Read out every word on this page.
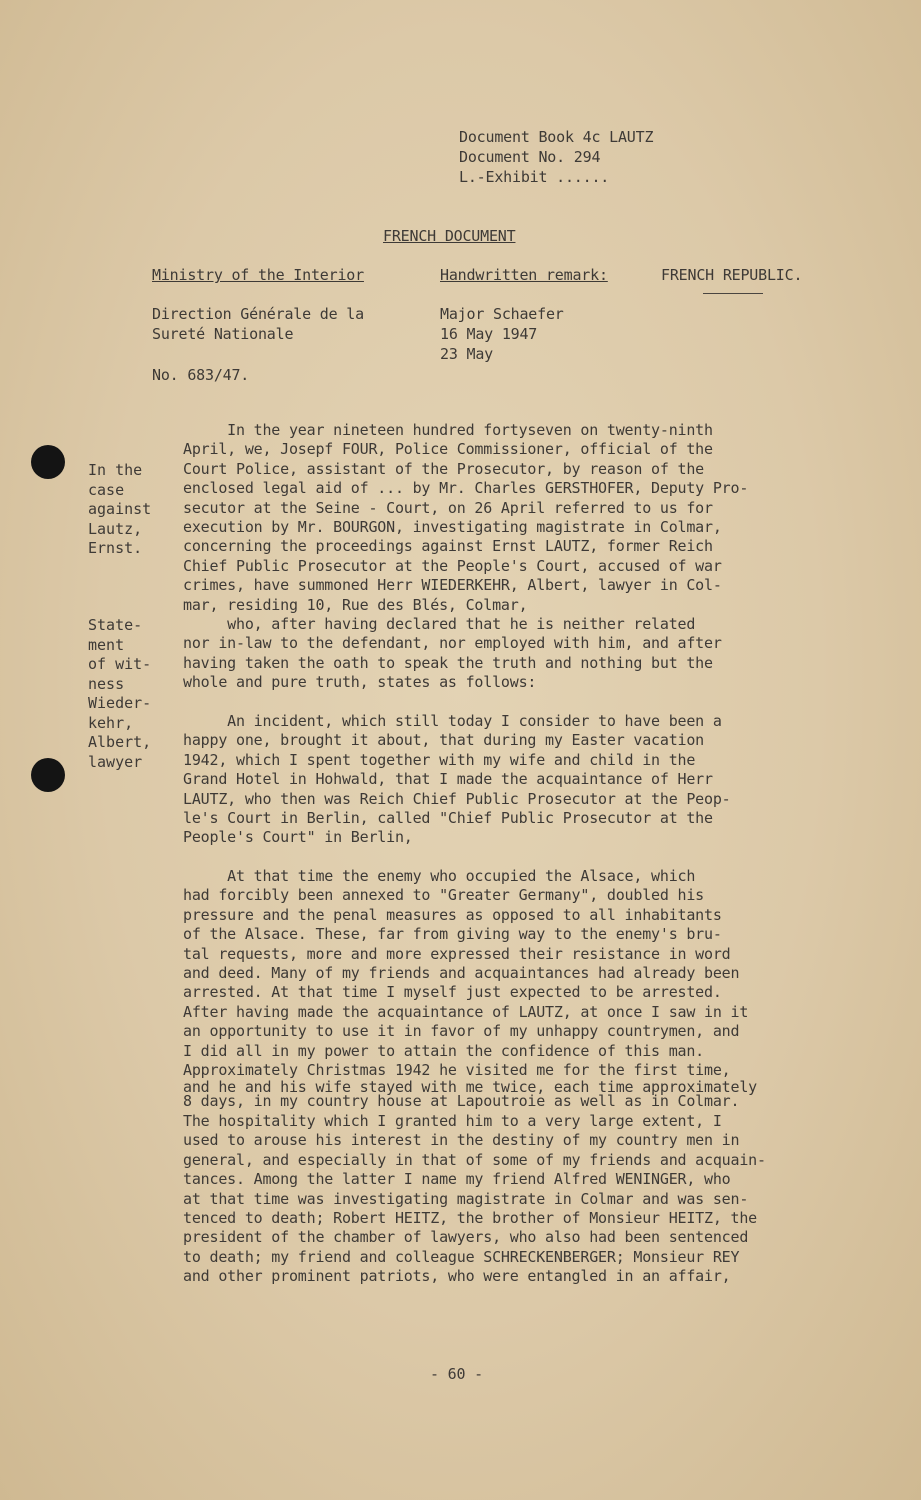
Document Book 4c LAUTZ
Document No. 294
L.-Exhibit ......
FRENCH DOCUMENT
Ministry of the Interior	Handwritten remark:	FRENCH REPUBLIC.
Direction Générale de la
Sureté Nationale
Major Schaefer
16 May 1947
23 May
No. 683/47.
In the
case
against
Lautz,
Ernst.
State-
ment
of wit-
ness
Wieder-
kehr,
Albert,
lawyer
In the year nineteen hundred fortyseven on twenty-ninth
April, we, Josepf FOUR, Police Commissioner, official of the
Court Police, assistant of the Prosecutor, by reason of the
enclosed legal aid of ... by Mr. Charles GERSTHOFER, Deputy Pro-
secutor at the Seine - Court, on 26 April referred to us for
execution by Mr. BOURGON, investigating magistrate in Colmar,
concerning the proceedings against Ernst LAUTZ, former Reich
Chief Public Prosecutor at the People's Court, accused of war
crimes, have summoned Herr WIEDERKEHR, Albert, lawyer in Col-
mar, residing 10, Rue des Blés, Colmar,
who, after having declared that he is neither related
nor in-law to the defendant, nor employed with him, and after
having taken the oath to speak the truth and nothing but the
whole and pure truth, states as follows:
An incident, which still today I consider to have been a
happy one, brought it about, that during my Easter vacation
1942, which I spent together with my wife and child in the
Grand Hotel in Hohwald, that I made the acquaintance of Herr
LAUTZ, who then was Reich Chief Public Prosecutor at the Peop-
le's Court in Berlin, called "Chief Public Prosecutor at the
People's Court" in Berlin,
At that time the enemy who occupied the Alsace, which
had forcibly been annexed to "Greater Germany", doubled his
pressure and the penal measures as opposed to all inhabitants
of the Alsace. These, far from giving way to the enemy's bru-
tal requests, more and more expressed their resistance in word
and deed. Many of my friends and acquaintances had already been
arrested. At that time I myself just expected to be arrested.
After having made the acquaintance of LAUTZ, at once I saw in it
an opportunity to use it in favor of my unhappy countrymen, and
I did all in my power to attain the confidence of this man.
Approximately Christmas 1942 he visited me for the first time,
and he and his wife stayed with me twice, each time approximately
8 days, in my country house at Lapoutroie as well as in Colmar.
The hospitality which I granted him to a very large extent, I
used to arouse his interest in the destiny of my country men in
general, and especially in that of some of my friends and acquain-
tances. Among the latter I name my friend Alfred WENINGER, who
at that time was investigating magistrate in Colmar and was sen-
tenced to death; Robert HEITZ, the brother of Monsieur HEITZ, the
president of the chamber of lawyers, who also had been sentenced
to death; my friend and colleague SCHRECKENBERGER; Monsieur REY
and other prominent patriots, who were entangled in an affair,
- 60 -
